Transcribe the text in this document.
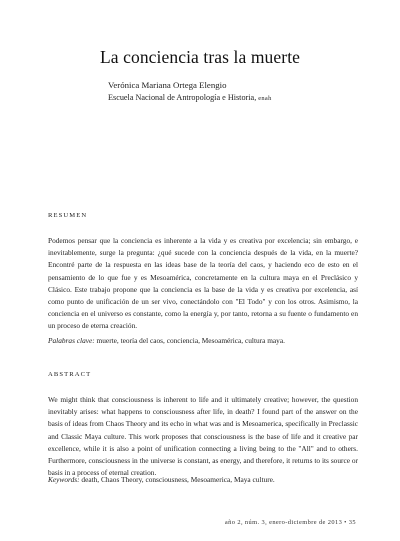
La conciencia tras la muerte
Verónica Mariana Ortega Elengio
Escuela Nacional de Antropología e Historia, enah
RESUMEN
Podemos pensar que la conciencia es inherente a la vida y es creativa por excelencia; sin embargo, e inevitablemente, surge la pregunta: ¿qué sucede con la conciencia después de la vida, en la muerte? Encontré parte de la respuesta en las ideas base de la teoría del caos, y haciendo eco de esto en el pensamiento de lo que fue y es Mesoamérica, concretamente en la cultura maya en el Preclásico y Clásico. Este trabajo propone que la conciencia es la base de la vida y es creativa por excelencia, así como punto de unificación de un ser vivo, conectándolo con "El Todo" y con los otros. Asimismo, la conciencia en el universo es constante, como la energía y, por tanto, retorna a su fuente o fundamento en un proceso de eterna creación.
Palabras clave: muerte, teoría del caos, conciencia, Mesoamérica, cultura maya.
ABSTRACT
We might think that consciousness is inherent to life and it ultimately creative; however, the question inevitably arises: what happens to consciousness after life, in death? I found part of the answer on the basis of ideas from Chaos Theory and its echo in what was and is Mesoamerica, specifically in Preclassic and Classic Maya culture. This work proposes that consciousness is the base of life and it creative par excellence, while it is also a point of unification connecting a living being to the "All" and to others. Furthermore, consciousness in the universe is constant, as energy, and therefore, it returns to its source or basis in a process of eternal creation.
Keywords: death, Chaos Theory, consciousness, Mesoamerica, Maya culture.
año 2, núm. 3, enero-diciembre de 2013 • 35
